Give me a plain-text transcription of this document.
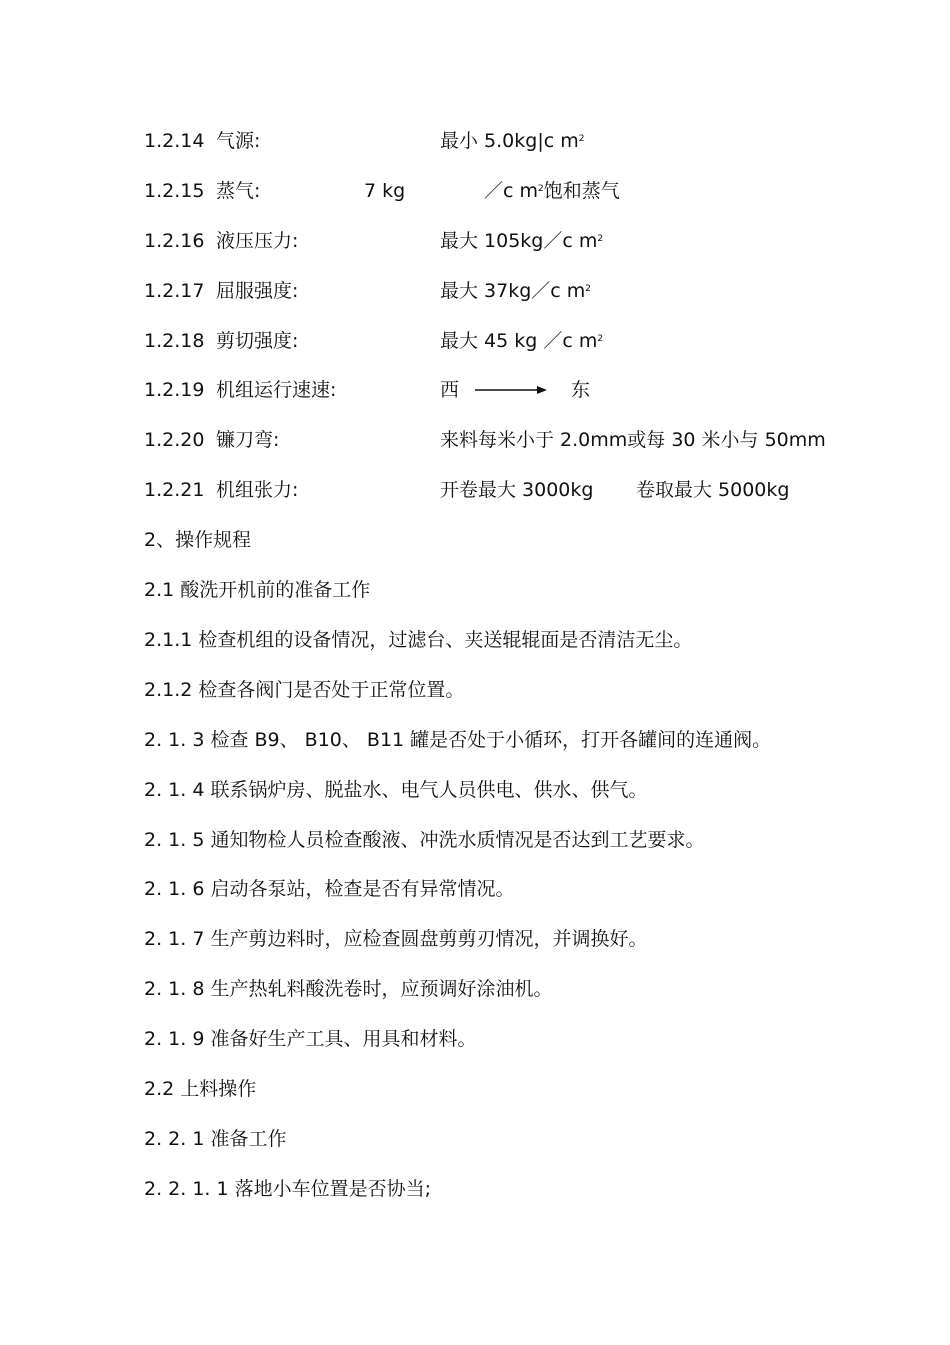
1.2.14 气源:	最小 5.0kg|c $m^2$
1.2.15 蒸气:	7 kg	／c $m^2$饱和蒸气
1.2.16 液压压力:	最大 105kg／c $m^2$
1.2.17 屈服强度:	最大 37kg／c $m^2$
1.2.18 剪切强度:	最大 45 kg ／c $m^2$
1.2.19 机组运行速速:	西	东
1.2.20 镰刀弯:	来料每米小于 2.0mm或每 30 米小与 50mm
1.2.21 机组张力:	开卷最大 3000kg 卷取最大 5000kg
2、操作规程
2.1 酸洗开机前的准备工作
2.1.1 检查机组的设备情况，过滤台、夹送辊辊面是否清洁无尘。
2.1.2 检查各阀门是否处于正常位置。
2. 1. 3 检查 B9、 B10、 B11 罐是否处于小循环，打开各罐间的连通阀。
2. 1. 4 联系锅炉房、脱盐水、电气人员供电、供水、供气。
2. 1. 5 通知物检人员检查酸液、冲洗水质情况是否达到工艺要求。
2. 1. 6 启动各泵站，检查是否有异常情况。
2. 1. 7 生产剪边料时，应检查圆盘剪剪刃情况，并调换好。
2. 1. 8 生产热轧料酸洗卷时，应预调好涂油机。
2. 1. 9 准备好生产工具、用具和材料。
2.2 上料操作
2. 2. 1 准备工作
2. 2. 1. 1 落地小车位置是否协当;
